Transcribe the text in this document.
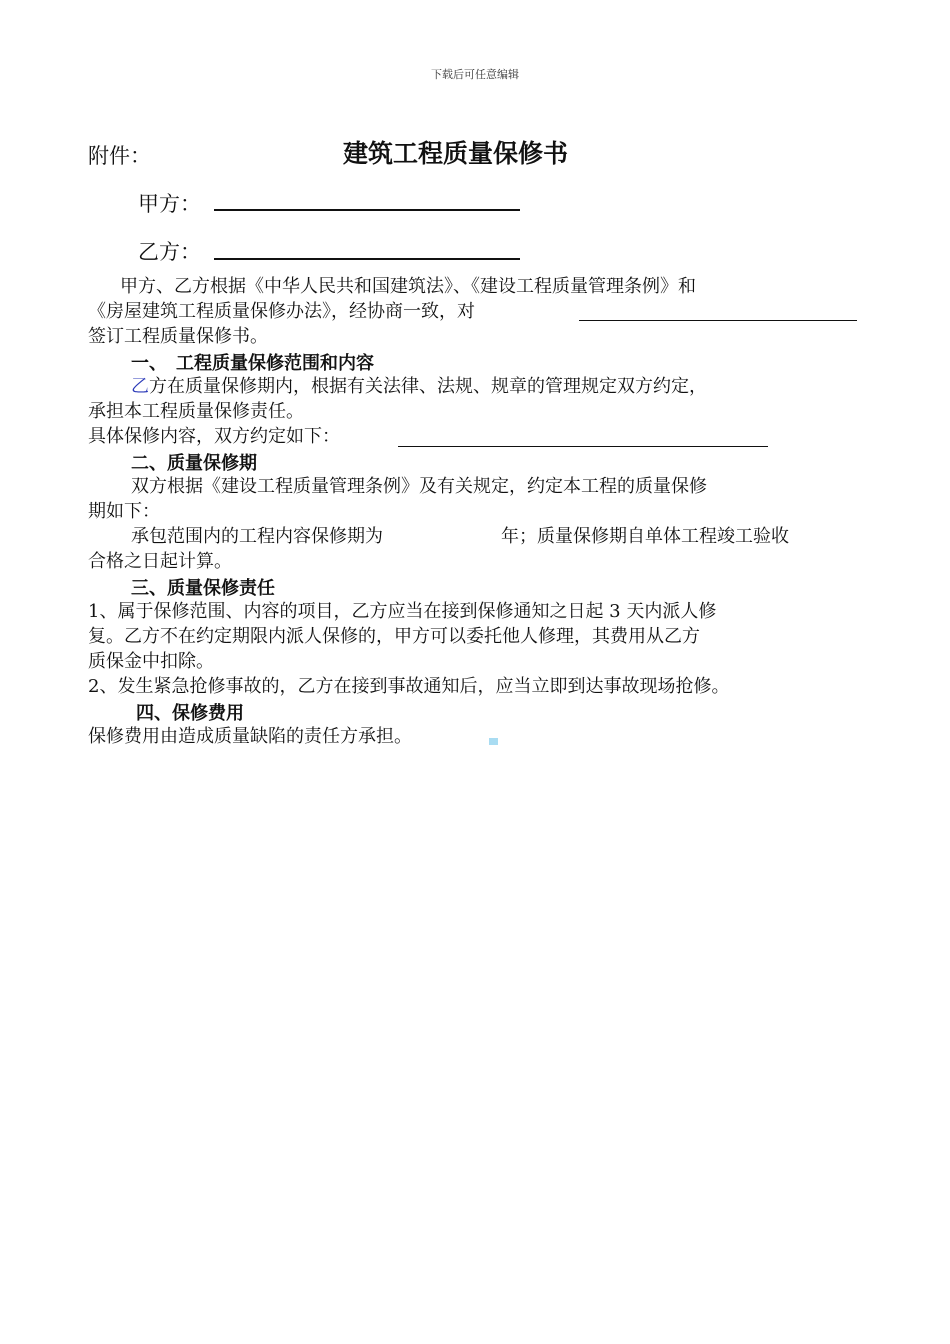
下载后可任意编辑
附件：	建筑工程质量保修书
甲方：
乙方：
甲方、乙方根据《中华人民共和国建筑法》、《建设工程质量管理条例》和
《房屋建筑工程质量保修办法》，经协商一致，对
签订工程质量保修书。
一、　工程质量保修范围和内容
乙方在质量保修期内，根据有关法律、法规、规章的管理规定双方约定，
承担本工程质量保修责任。
具体保修内容，双方约定如下：
二、质量保修期
双方根据《建设工程质量管理条例》及有关规定，约定本工程的质量保修
期如下：
承包范围内的工程内容保修期为	年；质量保修期自单体工程竣工验收
合格之日起计算。
三、质量保修责任
1、属于保修范围、内容的项目，乙方应当在接到保修通知之日起 3 天内派人修
复。乙方不在约定期限内派人保修的，甲方可以委托他人修理，其费用从乙方
质保金中扣除。
2、发生紧急抢修事故的，乙方在接到事故通知后，应当立即到达事故现场抢修。
四、保修费用
保修费用由造成质量缺陷的责任方承担。
